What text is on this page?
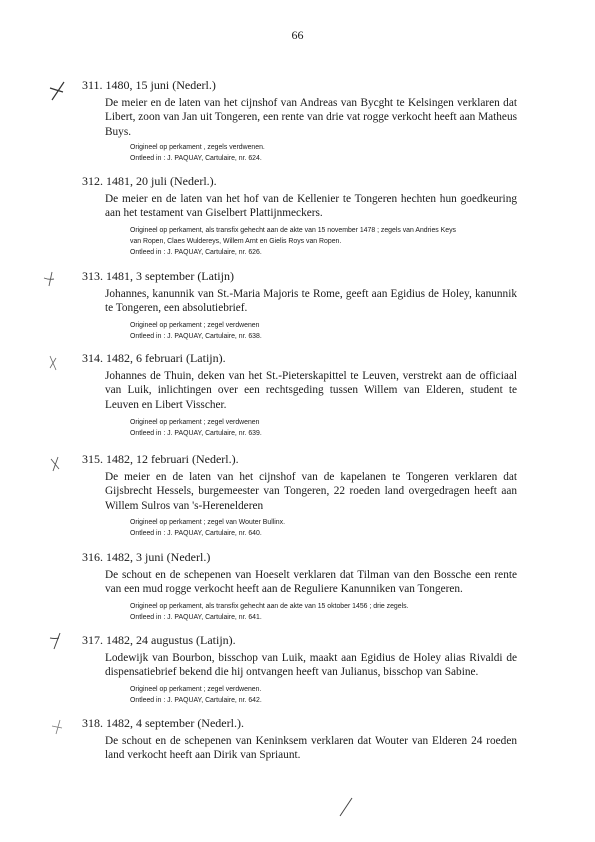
66
311. 1480, 15 juni (Nederl.)
De meier en de laten van het cijnshof van Andreas van Bycght te Kelsingen verklaren dat Libert, zoon van Jan uit Tongeren, een rente van drie vat rogge verkocht heeft aan Matheus Buys.
Origineel op perkament , zegels verdwenen.
Ontleed in : J. PAQUAY, Cartulaire, nr. 624.
312. 1481, 20 juli (Nederl.).
De meier en de laten van het hof van de Kellenier te Tongeren hechten hun goedkeuring aan het testament van Giselbert Plattijnmeckers.
Origineel op perkament, als transfix gehecht aan de akte van 15 november 1478 ; zegels van Andries Keys
van Ropen, Claes Wuldereys, Willem Arnt en Gielis Roys van Ropen.
Ontleed in : J. PAQUAY, Cartulaire, nr. 626.
313. 1481, 3 september (Latijn)
Johannes, kanunnik van St.-Maria Majoris te Rome, geeft aan Egidius de Holey, kanunnik te Tongeren, een absolutiebrief.
Origineel op perkament ; zegel verdwenen
Ontleed in : J. PAQUAY, Cartulaire, nr. 638.
314. 1482, 6 februari (Latijn).
Johannes de Thuin, deken van het St.-Pieterskapittel te Leuven, verstrekt aan de officiaal van Luik, inlichtingen over een rechtsgeding tussen Willem van Elderen, student te Leuven en Libert Visscher.
Origineel op perkament ; zegel verdwenen
Ontleed in : J. PAQUAY, Cartulaire, nr. 639.
315. 1482, 12 februari (Nederl.).
De meier en de laten van het cijnshof van de kapelanen te Tongeren verklaren dat Gijsbrecht Hessels, burgemeester van Tongeren, 22 roeden land overgedragen heeft aan Willem Sulros van 's-Herenelderen
Origineel op perkament ; zegel van Wouter Bullinx.
Ontleed in : J. PAQUAY, Cartulaire, nr. 640.
316. 1482, 3 juni (Nederl.)
De schout en de schepenen van Hoeselt verklaren dat Tilman van den Bossche een rente van een mud rogge verkocht heeft aan de Reguliere Kanunniken van Tongeren.
Origineel op perkament, als transfix gehecht aan de akte van 15 oktober 1456 ; drie zegels.
Ontleed in : J. PAQUAY, Cartulaire, nr. 641.
317. 1482, 24 augustus (Latijn).
Lodewijk van Bourbon, bisschop van Luik, maakt aan Egidius de Holey alias Rivaldi de dispensatiebrief bekend die hij ontvangen heeft van Julianus, bisschop van Sabine.
Origineel op perkament ; zegel verdwenen.
Ontleed in : J. PAQUAY, Cartulaire, nr. 642.
318. 1482, 4 september (Nederl.).
De schout en de schepenen van Keninksem verklaren dat Wouter van Elderen 24 roeden land verkocht heeft aan Dirik van Spriaunt.
